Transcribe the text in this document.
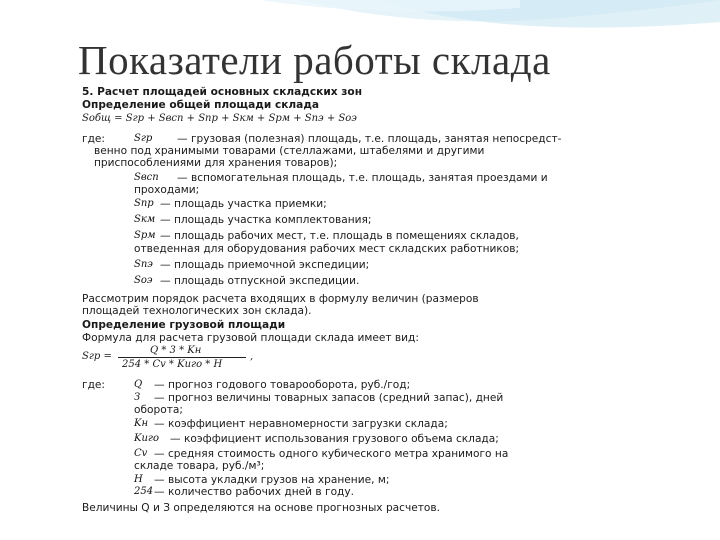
Показатели работы склада
5. Расчет площадей основных складских зон
Определение общей площади склада
Sобщ = Sгр + Sвсп + Sпр + Sкм + Sрм + Sпэ + Sоэ
где:	Sгр — грузовая (полезная) площадь, т.е. площадь, занятая непосредст-
венно под хранимыми товарами (стеллажами, штабелями и другими
приспособлениями для хранения товаров);
Sвсп — вспомогательная площадь, т.е. площадь, занятая проездами и
проходами;
Sпр — площадь участка приемки;
Sкм — площадь участка комплектования;
Sрм — площадь рабочих мест, т.е. площадь в помещениях складов,
отведенная для оборудования рабочих мест складских работников;
Sпэ — площадь приемочной экспедиции;
Sоэ — площадь отпускной экспедиции.
Рассмотрим порядок расчета входящих в формулу величин (размеров
площадей технологических зон склада).
Определение грузовой площади
Формула для расчета грузовой площади склада имеет вид:
Sгр =
Q * 3 * Kн
254 * Cv * Kиго * H
,
где:	Q — прогноз годового товарооборота, руб./год;
З — прогноз величины товарных запасов (средний запас), дней
оборота;
Kн — коэффициент неравномерности загрузки склада;
Kиго — коэффициент использования грузового объема склада;
Cv — средняя стоимость одного кубического метра хранимого на
складе товара, руб./м³;
H — высота укладки грузов на хранение, м;
254 — количество рабочих дней в году.
Величины Q и З определяются на основе прогнозных расчетов.
